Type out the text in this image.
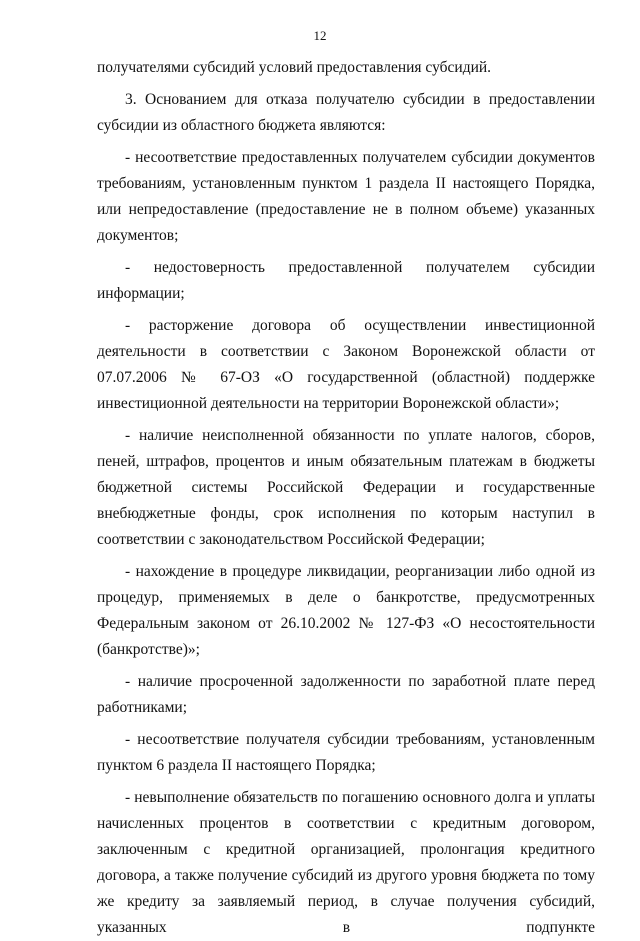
12

получателями субсидий условий предоставления субсидий.

3. Основанием для отказа получателю субсидии в предоставлении субсидии из областного бюджета являются:

- несоответствие предоставленных получателем субсидии документов требованиям, установленным пунктом 1 раздела II настоящего Порядка, или непредоставление (предоставление не в полном объеме) указанных документов;

- недостоверность предоставленной получателем субсидии информации;

- расторжение договора об осуществлении инвестиционной деятельности в соответствии с Законом Воронежской области от 07.07.2006 № 67-ОЗ «О государственной (областной) поддержке инвестиционной деятельности на территории Воронежской области»;

- наличие неисполненной обязанности по уплате налогов, сборов, пеней, штрафов, процентов и иным обязательным платежам в бюджеты бюджетной системы Российской Федерации и государственные внебюджетные фонды, срок исполнения по которым наступил в соответствии с законодательством Российской Федерации;

- нахождение в процедуре ликвидации, реорганизации либо одной из процедур, применяемых в деле о банкротстве, предусмотренных Федеральным законом от 26.10.2002 № 127-ФЗ «О несостоятельности (банкротстве)»;

- наличие просроченной задолженности по заработной плате перед работниками;

- несоответствие получателя субсидии требованиям, установленным пунктом 6 раздела II настоящего Порядка;

- невыполнение обязательств по погашению основного долга и уплаты начисленных процентов в соответствии с кредитным договором, заключенным с кредитной организацией, пролонгация кредитного договора, а также получение субсидий из другого уровня бюджета по тому же кредиту за заявляемый период, в случае получения субсидий, указанных в подпункте
